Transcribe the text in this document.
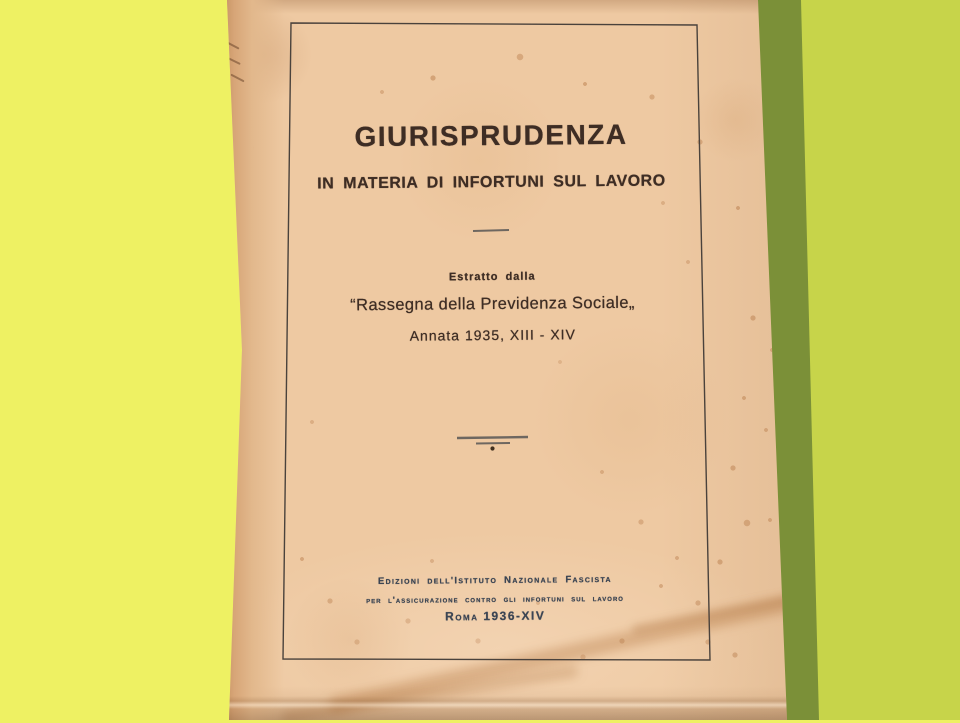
GIURISPRUDENZA
IN MATERIA DI INFORTUNI SUL LAVORO
Estratto dalla
“Rassegna della Previdenza Sociale„
Annata 1935, XIII - XIV
Edizioni dell'Istituto Nazionale Fascista
per l'assicurazione contro gli infortuni sul lavoro
Roma 1936-XIV
